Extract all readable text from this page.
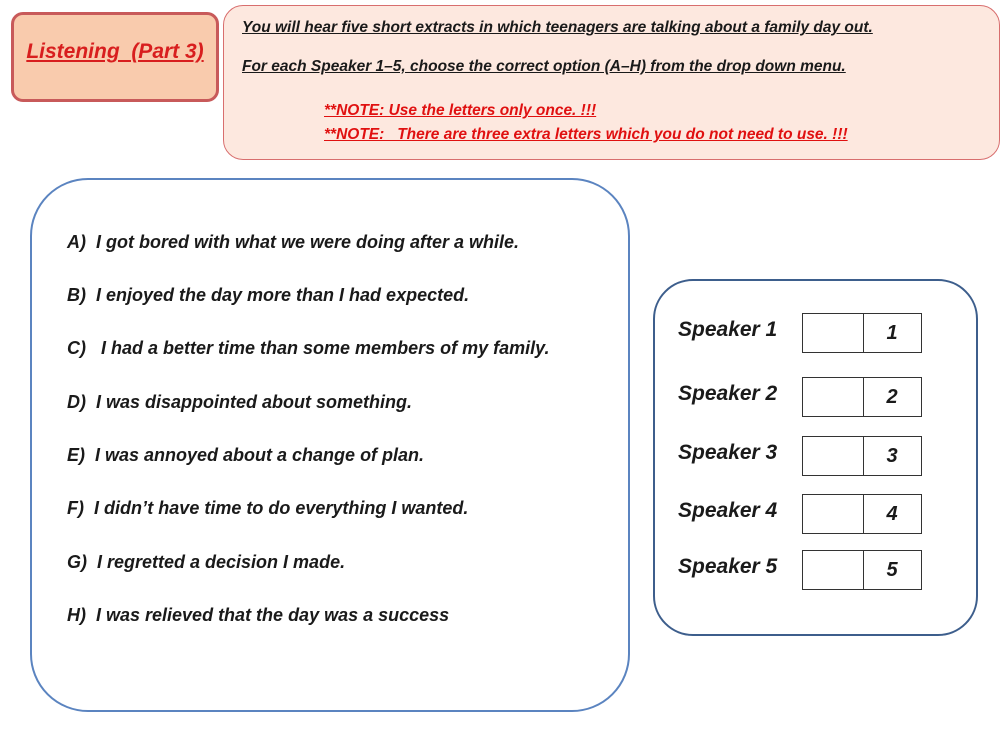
Listening  (Part 3)
You will hear five short extracts in which teenagers are talking about a family day out.
For each Speaker 1–5, choose the correct option (A–H) from the drop down menu.
**NOTE: Use the letters only once. !!!
**NOTE:   There are three extra letters which you do not need to use. !!!
A)  I got bored with what we were doing after a while.
B)  I enjoyed the day more than I had expected.
C)   I had a better time than some members of my family.
D)  I was disappointed about something.
E)  I was annoyed about a change of plan.
F)  I didn’t have time to do everything I wanted.
G)  I regretted a decision I made.
H)  I was relieved that the day was a success
Speaker 1	1
Speaker 2	2
Speaker 3	3
Speaker 4	4
Speaker 5	5
